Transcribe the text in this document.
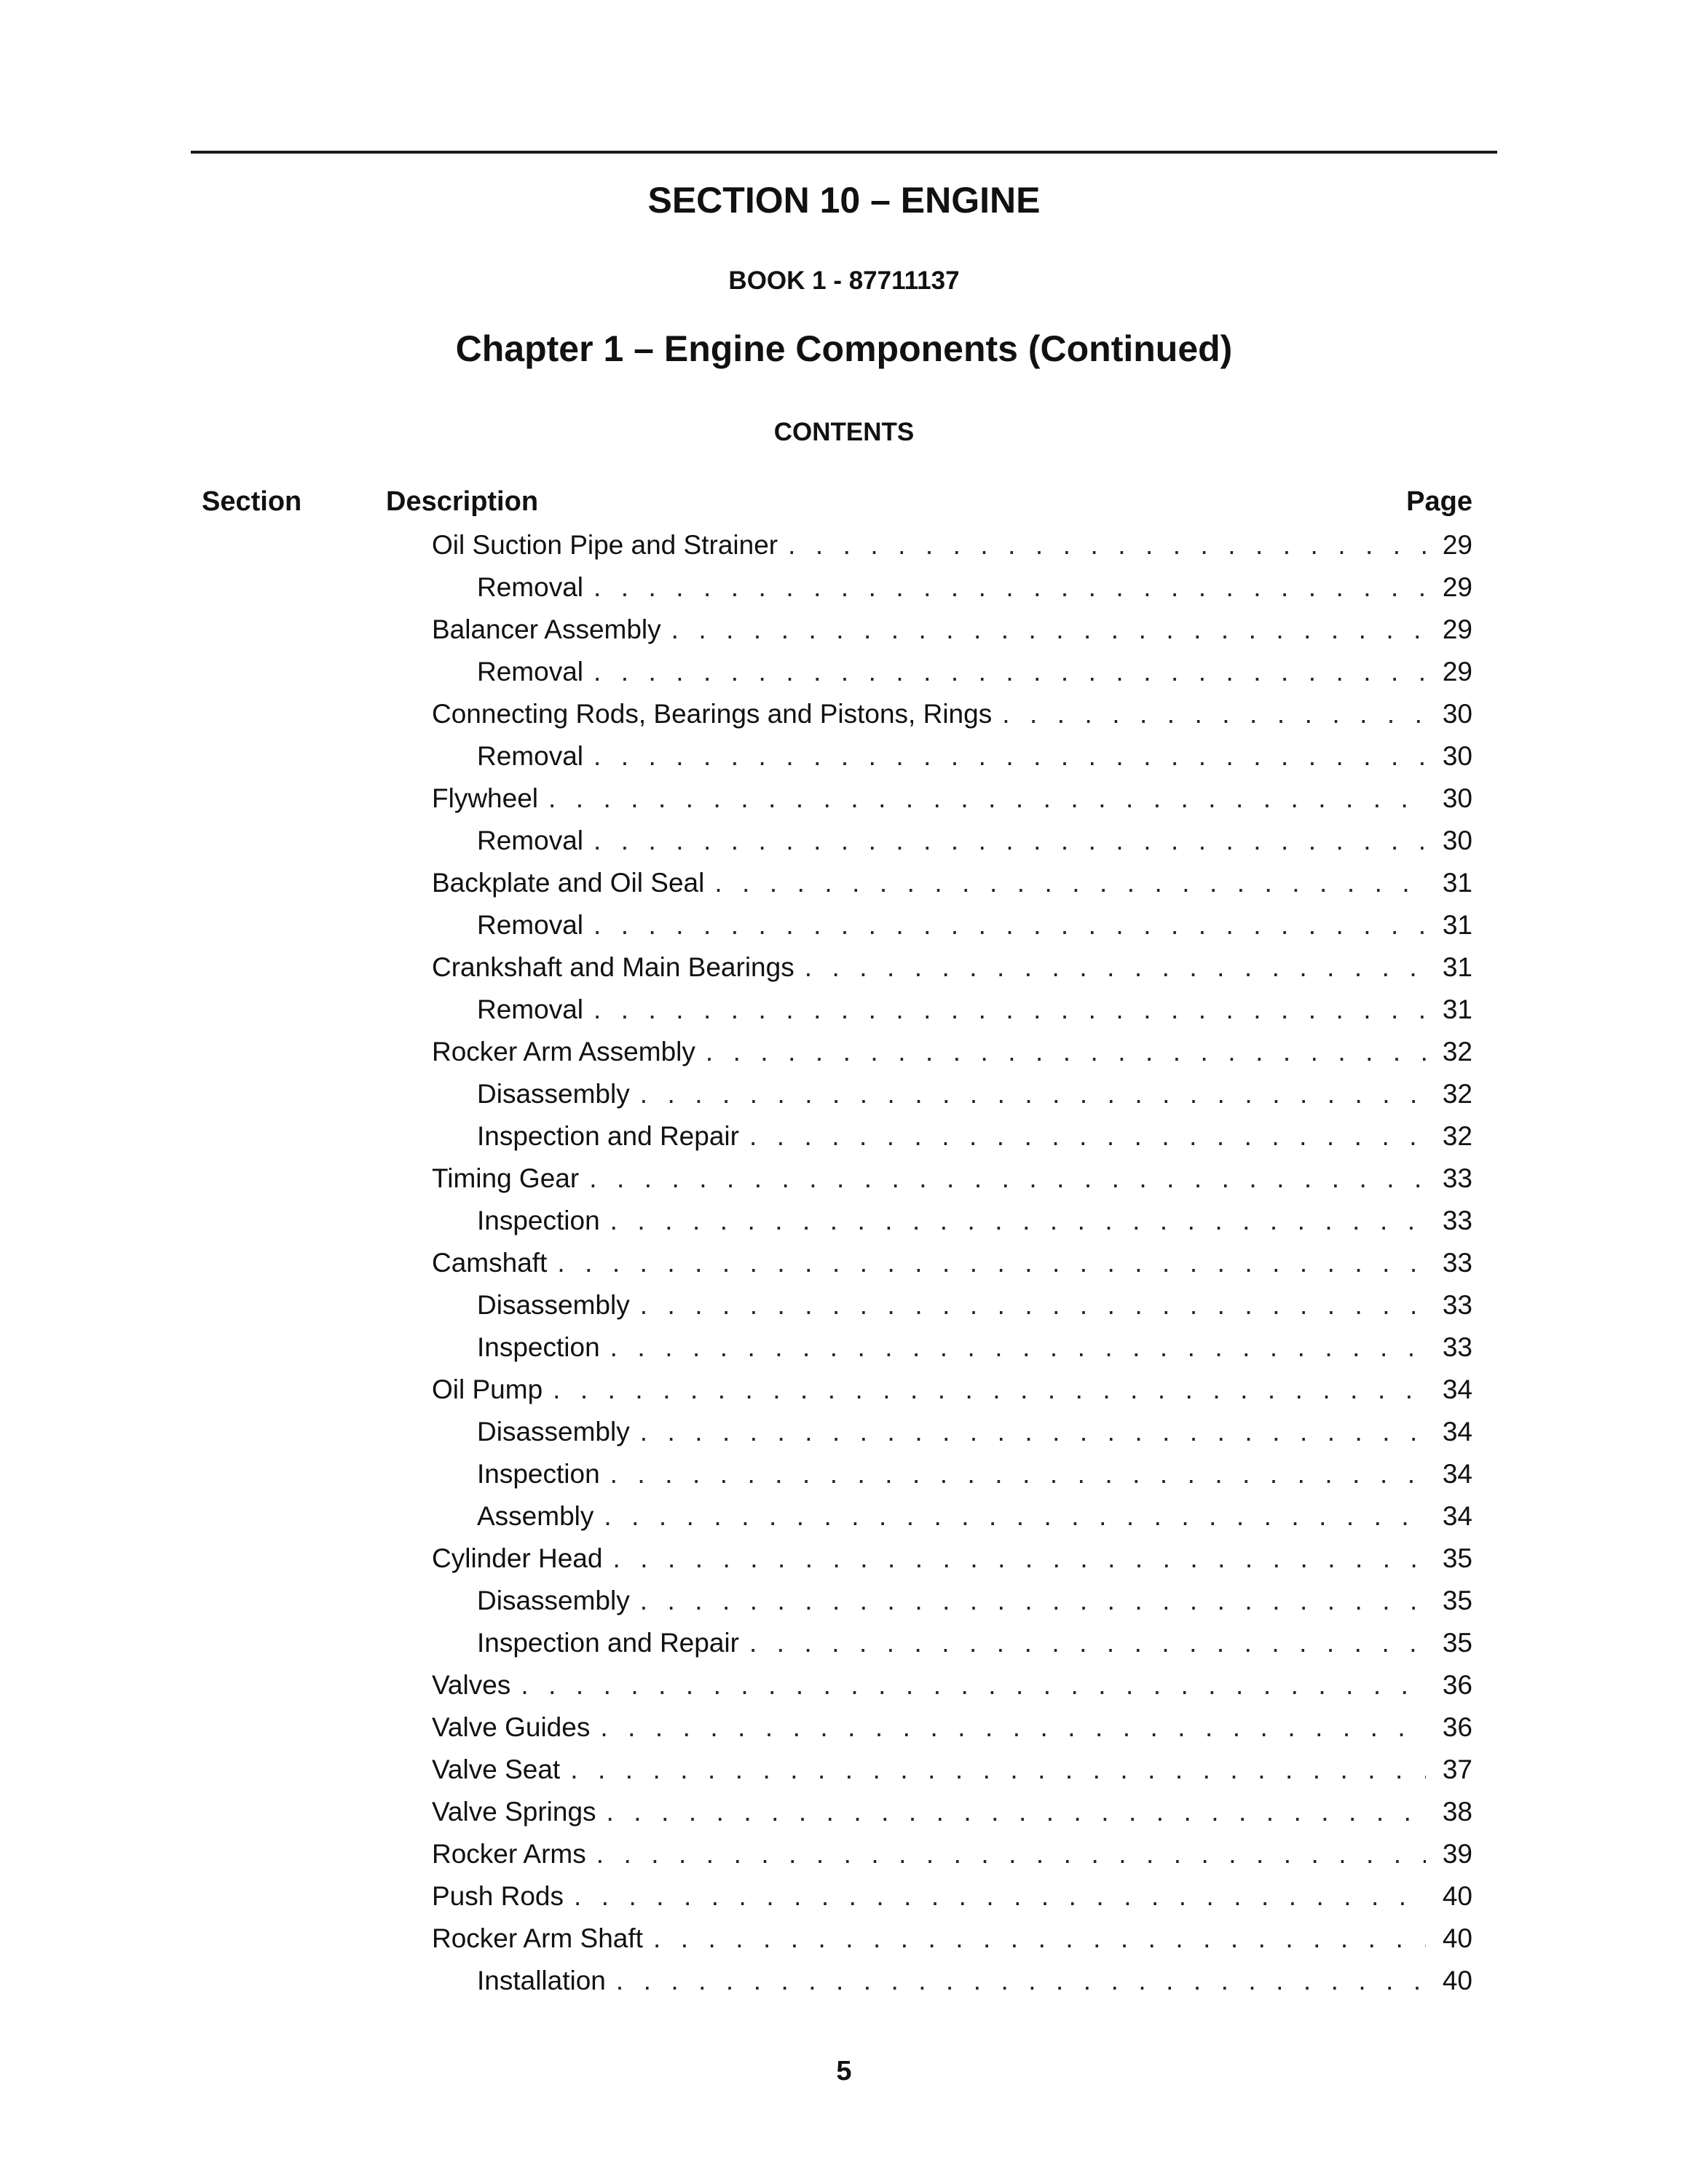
SECTION 10 – ENGINE
BOOK 1 - 87711137
Chapter 1 – Engine Components (Continued)
CONTENTS
Section	Description	Page
Oil Suction Pipe and Strainer . . .	29
Removal . . .	29
Balancer Assembly . . .	29
Removal . . .	29
Connecting Rods, Bearings and Pistons, Rings . . .	30
Removal . . .	30
Flywheel . . .	30
Removal . . .	30
Backplate and Oil Seal . . .	31
Removal . . .	31
Crankshaft and Main Bearings . . .	31
Removal . . .	31
Rocker Arm Assembly . . .	32
Disassembly . . .	32
Inspection and Repair . . .	32
Timing Gear . . .	33
Inspection . . .	33
Camshaft . . .	33
Disassembly . . .	33
Inspection . . .	33
Oil Pump . . .	34
Disassembly . . .	34
Inspection . . .	34
Assembly . . .	34
Cylinder Head . . .	35
Disassembly . . .	35
Inspection and Repair . . .	35
Valves . . .	36
Valve Guides . . .	36
Valve Seat . . .	37
Valve Springs . . .	38
Rocker Arms . . .	39
Push Rods . . .	40
Rocker Arm Shaft . . .	40
Installation . . .	40
5
